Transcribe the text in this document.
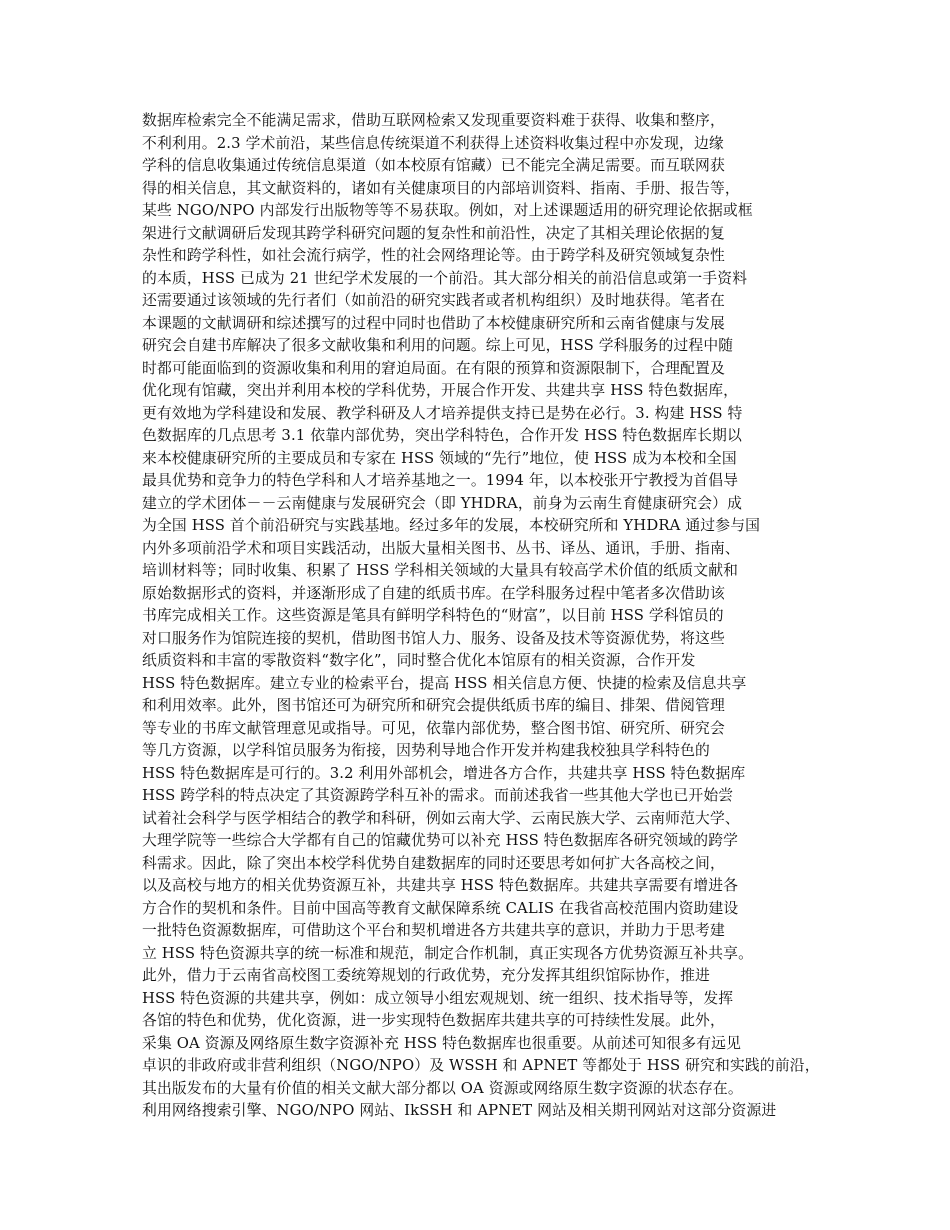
数据库检索完全不能满足需求，借助互联网检索又发现重要资料难于获得、收集和整序，
不利利用。2.3 学术前沿，某些信息传统渠道不利获得上述资料收集过程中亦发现，边缘
学科的信息收集通过传统信息渠道（如本校原有馆藏）已不能完全满足需要。而互联网获
得的相关信息，其文献资料的，诸如有关健康项目的内部培训资料、指南、手册、报告等，
某些 NGO/NPO 内部发行出版物等等不易获取。例如，对上述课题适用的研究理论依据或框
架进行文献调研后发现其跨学科研究问题的复杂性和前沿性，决定了其相关理论依据的复
杂性和跨学科性，如社会流行病学，性的社会网络理论等。由于跨学科及研究领域复杂性
的本质，HSS 已成为 21 世纪学术发展的一个前沿。其大部分相关的前沿信息或第一手资料
还需要通过该领域的先行者们（如前沿的研究实践者或者机构组织）及时地获得。笔者在
本课题的文献调研和综述撰写的过程中同时也借助了本校健康研究所和云南省健康与发展
研究会自建书库解决了很多文献收集和利用的问题。综上可见，HSS 学科服务的过程中随
时都可能面临到的资源收集和利用的窘迫局面。在有限的预算和资源限制下，合理配置及
优化现有馆藏，突出并利用本校的学科优势，开展合作开发、共建共享 HSS 特色数据库，
更有效地为学科建设和发展、教学科研及人才培养提供支持已是势在必行。3. 构建 HSS 特
色数据库的几点思考 3.1 依靠内部优势，突出学科特色，合作开发 HSS 特色数据库长期以
来本校健康研究所的主要成员和专家在 HSS 领域的“先行”地位，使 HSS 成为本校和全国
最具优势和竞争力的特色学科和人才培养基地之一。1994 年，以本校张开宁教授为首倡导
建立的学术团体－－云南健康与发展研究会（即 YHDRA，前身为云南生育健康研究会）成
为全国 HSS 首个前沿研究与实践基地。经过多年的发展，本校研究所和 YHDRA 通过参与国
内外多项前沿学术和项目实践活动，出版大量相关图书、丛书、译丛、通讯，手册、指南、
培训材料等；同时收集、积累了 HSS 学科相关领域的大量具有较高学术价值的纸质文献和
原始数据形式的资料，并逐渐形成了自建的纸质书库。在学科服务过程中笔者多次借助该
书库完成相关工作。这些资源是笔具有鲜明学科特色的“财富”，以目前 HSS 学科馆员的
对口服务作为馆院连接的契机，借助图书馆人力、服务、设备及技术等资源优势，将这些
纸质资料和丰富的零散资料“数字化”，同时整合优化本馆原有的相关资源，合作开发
HSS 特色数据库。建立专业的检索平台，提高 HSS 相关信息方便、快捷的检索及信息共享
和利用效率。此外，图书馆还可为研究所和研究会提供纸质书库的编目、排架、借阅管理
等专业的书库文献管理意见或指导。可见，依靠内部优势，整合图书馆、研究所、研究会
等几方资源，以学科馆员服务为衔接，因势利导地合作开发并构建我校独具学科特色的
HSS 特色数据库是可行的。3.2 利用外部机会，增进各方合作，共建共享 HSS 特色数据库
HSS 跨学科的特点决定了其资源跨学科互补的需求。而前述我省一些其他大学也已开始尝
试着社会科学与医学相结合的教学和科研，例如云南大学、云南民族大学、云南师范大学、
大理学院等一些综合大学都有自己的馆藏优势可以补充 HSS 特色数据库各研究领域的跨学
科需求。因此，除了突出本校学科优势自建数据库的同时还要思考如何扩大各高校之间，
以及高校与地方的相关优势资源互补，共建共享 HSS 特色数据库。共建共享需要有增进各
方合作的契机和条件。目前中国高等教育文献保障系统 CALIS 在我省高校范围内资助建设
一批特色资源数据库，可借助这个平台和契机增进各方共建共享的意识，并助力于思考建
立 HSS 特色资源共享的统一标准和规范，制定合作机制，真正实现各方优势资源互补共享。
此外，借力于云南省高校图工委统筹规划的行政优势，充分发挥其组织馆际协作，推进
HSS 特色资源的共建共享，例如：成立领导小组宏观规划、统一组织、技术指导等，发挥
各馆的特色和优势，优化资源，进一步实现特色数据库共建共享的可持续性发展。此外，
采集 OA 资源及网络原生数字资源补充 HSS 特色数据库也很重要。从前述可知很多有远见
卓识的非政府或非营利组织（NGO/NPO）及 WSSH 和 APNET 等都处于 HSS 研究和实践的前沿，
其出版发布的大量有价值的相关文献大部分都以 OA 资源或网络原生数字资源的状态存在。
利用网络搜索引擎、NGO/NPO 网站、IkSSH 和 APNET 网站及相关期刊网站对这部分资源进
